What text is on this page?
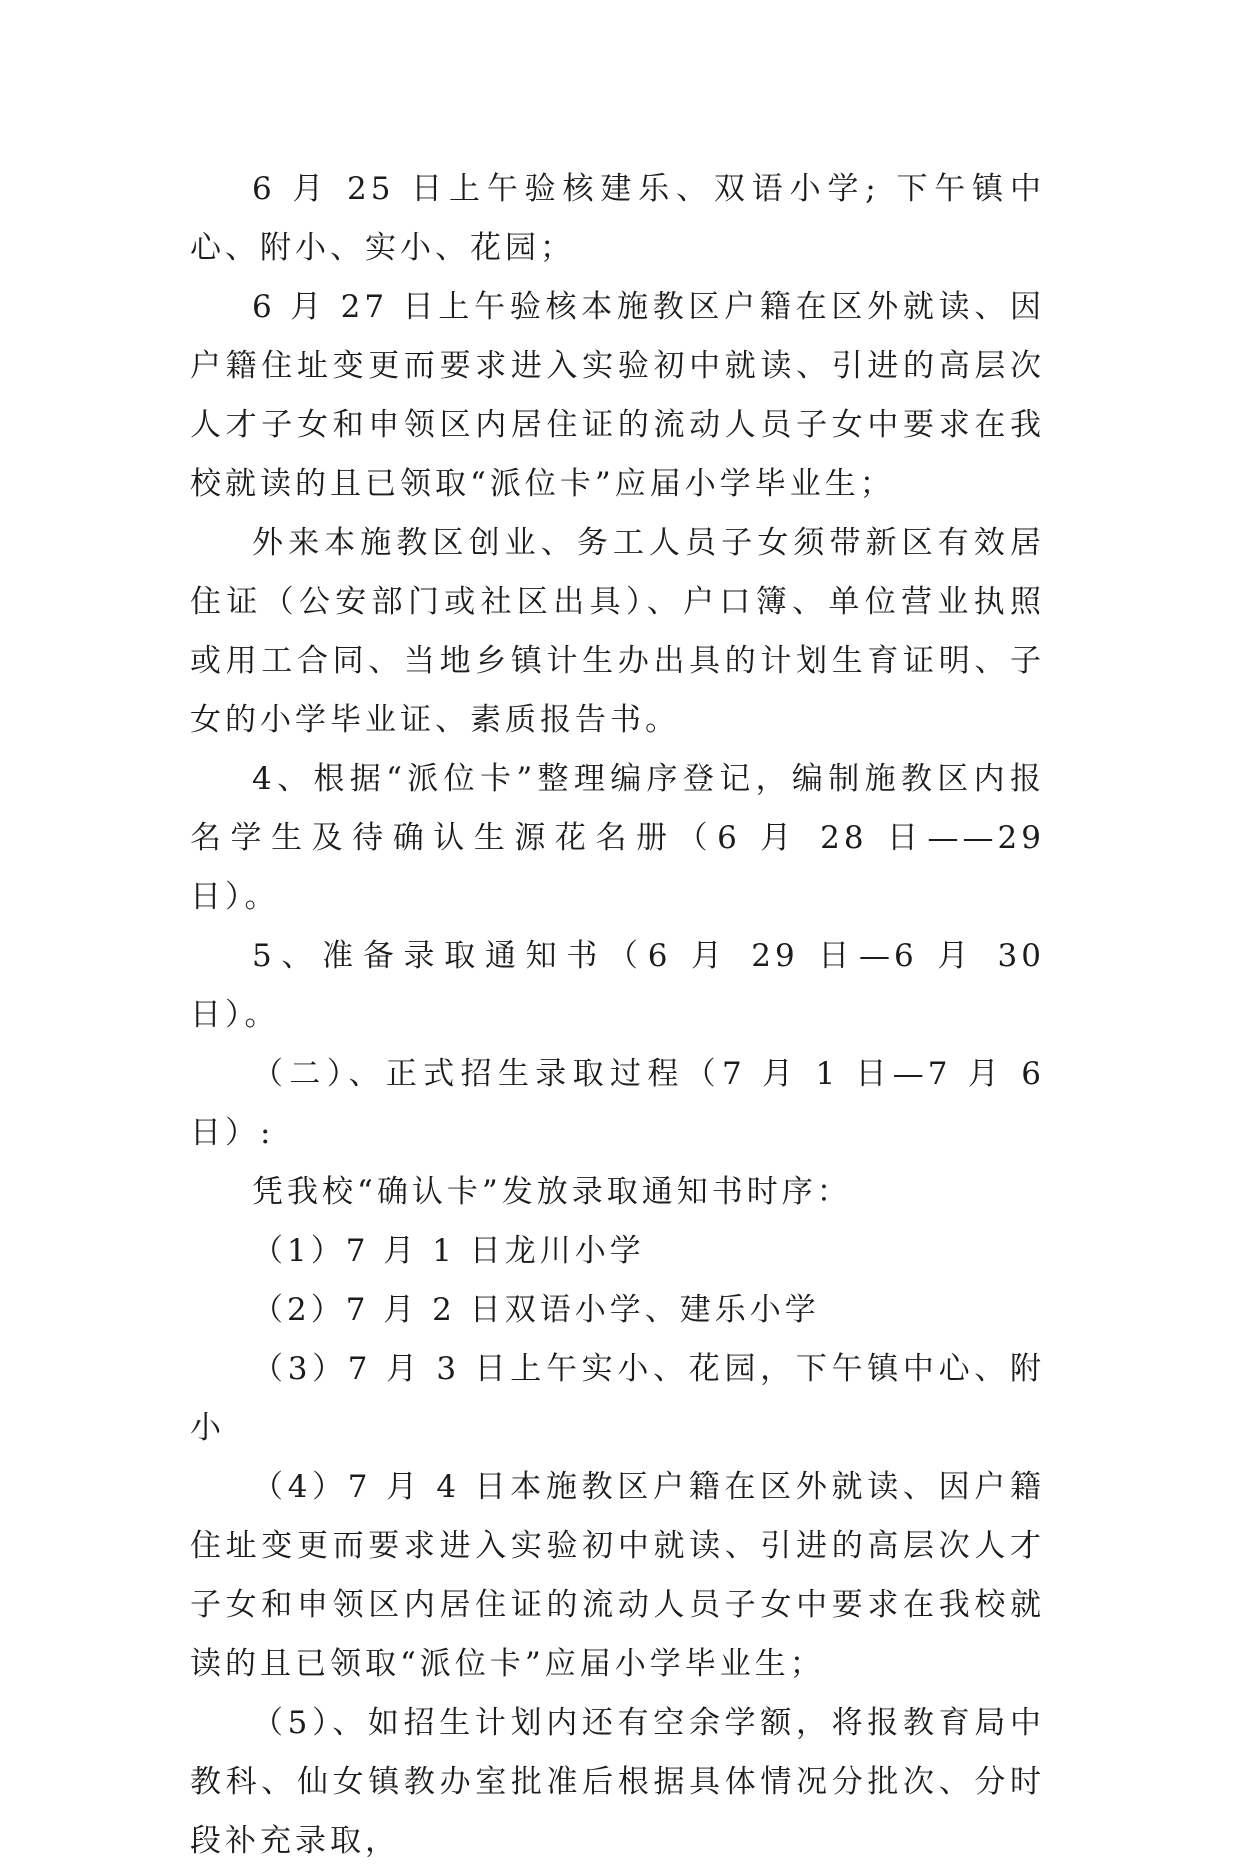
6 月 25 日上午验核建乐、双语小学; 下午镇中心、附小、实小、花园；

6 月 27 日上午验核本施教区户籍在区外就读、因户籍住址变更而要求进入实验初中就读、引进的高层次人才子女和申领区内居住证的流动人员子女中要求在我校就读的且已领取“派位卡”应届小学毕业生；

外来本施教区创业、务工人员子女须带新区有效居住证（公安部门或社区出具）、户口簿、单位营业执照或用工合同、当地乡镇计生办出具的计划生育证明、子女的小学毕业证、素质报告书。

4、根据“派位卡”整理编序登记，编制施教区内报名学生及待确认生源花名册（6 月 28 日——29 日）。

5、准备录取通知书（6 月 29 日—6 月 30 日）。

（二）、正式招生录取过程（7 月 1 日—7 月 6 日）:

凭我校“确认卡”发放录取通知书时序：

（1）7 月 1 日龙川小学

（2）7 月 2 日双语小学、建乐小学

（3）7 月 3 日上午实小、花园，下午镇中心、附小

（4）7 月 4 日本施教区户籍在区外就读、因户籍住址变更而要求进入实验初中就读、引进的高层次人才子女和申领区内居住证的流动人员子女中要求在我校就读的且已领取“派位卡”应届小学毕业生；

（5）、如招生计划内还有空余学额，将报教育局中教科、仙女镇教办室批准后根据具体情况分批次、分时段补充录取，
